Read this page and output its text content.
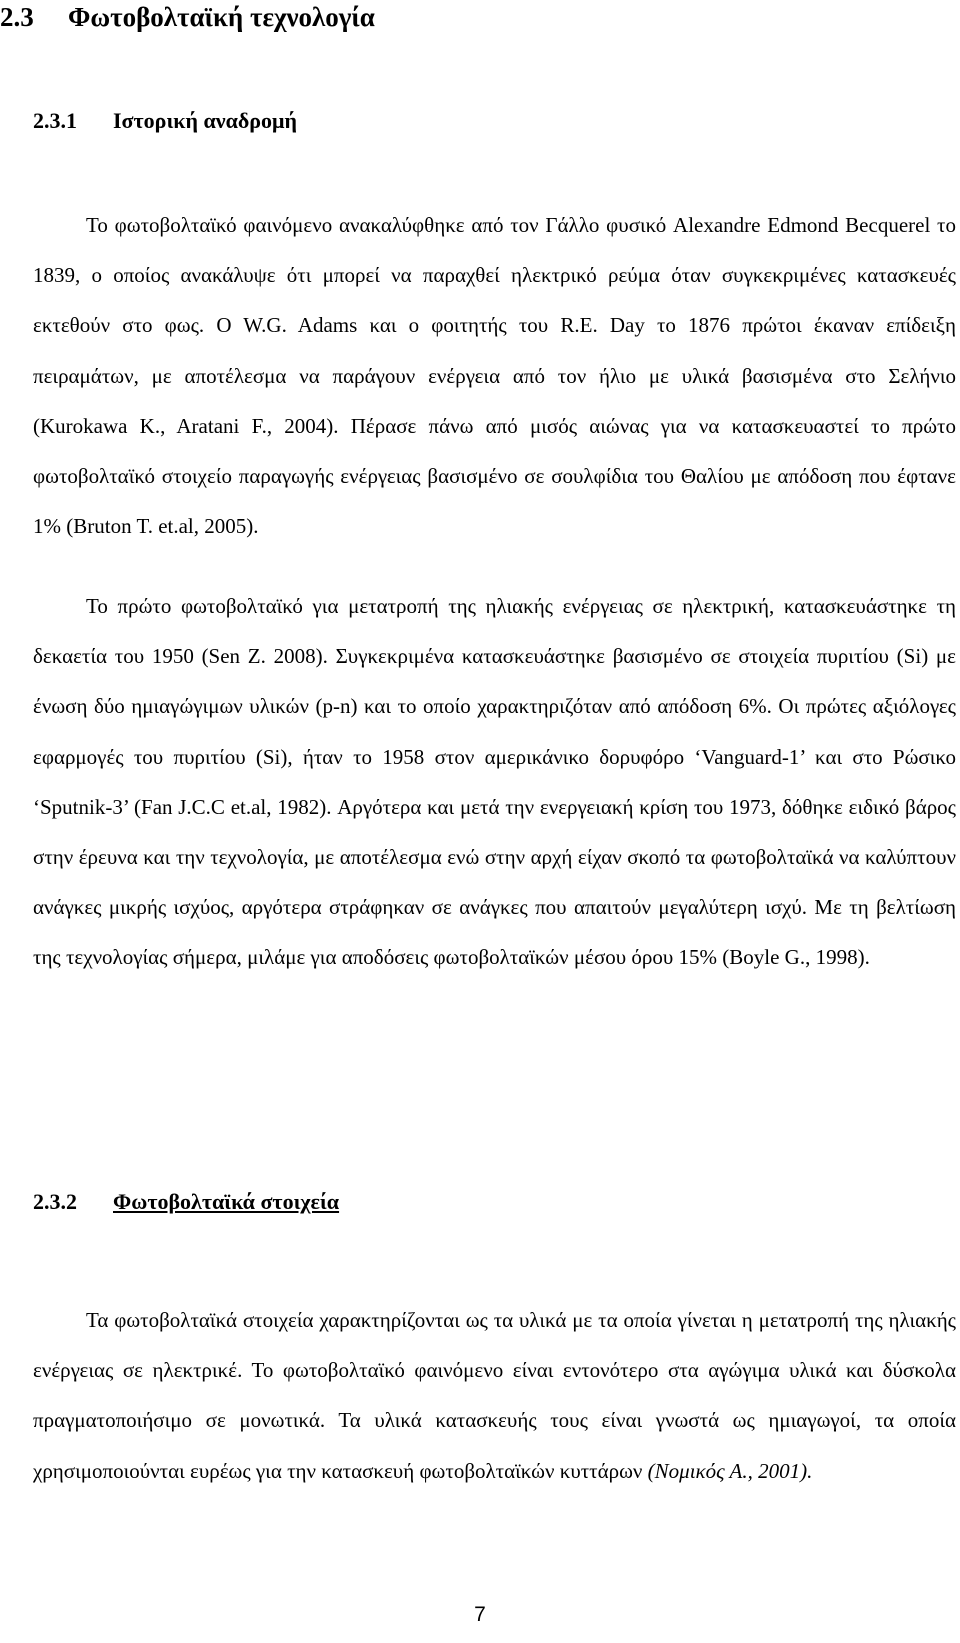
2.3 Φωτοβολταϊκή τεχνολογία
2.3.1 Ιστορική αναδρομή

Το φωτοβολταϊκό φαινόμενο ανακαλύφθηκε από τον Γάλλο φυσικό Alexandre Edmond Becquerel το 1839, ο οποίος ανακάλυψε ότι μπορεί να παραχθεί ηλεκτρικό ρεύμα όταν συγκεκριμένες κατασκευές εκτεθούν στο φως. O W.G. Adams και ο φοιτητής του R.E. Day το 1876 πρώτοι έκαναν επίδειξη πειραμάτων, με αποτέλεσμα να παράγουν ενέργεια από τον ήλιο με υλικά βασισμένα στο Σελήνιο (Kurokawa K., Aratani F., 2004). Πέρασε πάνω από μισός αιώνας για να κατασκευαστεί το πρώτο φωτοβολταϊκό στοιχείο παραγωγής ενέργειας βασισμένο σε σουλφίδια του Θαλίου με απόδοση που έφτανε 1% (Bruton T. et.al, 2005).

Το πρώτο φωτοβολταϊκό για μετατροπή της ηλιακής ενέργειας σε ηλεκτρική, κατασκευάστηκε τη δεκαετία του 1950 (Sen Z. 2008). Συγκεκριμένα κατασκευάστηκε βασισμένο σε στοιχεία πυριτίου (Si) με ένωση δύο ημιαγώγιμων υλικών (p-n) και το οποίο χαρακτηριζόταν από απόδοση 6%. Οι πρώτες αξιόλογες εφαρμογές του πυριτίου (Si), ήταν το 1958 στον αμερικάνικο δορυφόρο ‘Vanguard-1’ και στο Ρώσικο ‘Sputnik-3’ (Fan J.C.C et.al, 1982). Αργότερα και μετά την ενεργειακή κρίση του 1973, δόθηκε ειδικό βάρος στην έρευνα και την τεχνολογία, με αποτέλεσμα ενώ στην αρχή είχαν σκοπό τα φωτοβολταϊκά να καλύπτουν ανάγκες μικρής ισχύος, αργότερα στράφηκαν σε ανάγκες που απαιτούν μεγαλύτερη ισχύ. Με τη βελτίωση της τεχνολογίας σήμερα, μιλάμε για αποδόσεις φωτοβολταϊκών μέσου όρου 15% (Boyle G., 1998).

2.3.2 Φωτοβολταϊκά στοιχεία

Τα φωτοβολταϊκά στοιχεία χαρακτηρίζονται ως τα υλικά με τα οποία γίνεται η μετατροπή της ηλιακής ενέργειας σε ηλεκτρικέ. Το φωτοβολταϊκό φαινόμενο είναι εντονότερο στα αγώγιμα υλικά και δύσκολα πραγματοποιήσιμο σε μονωτικά. Τα υλικά κατασκευής τους είναι γνωστά ως ημιαγωγοί, τα οποία χρησιμοποιούνται ευρέως για την κατασκευή φωτοβολταϊκών κυττάρων (Νομικός Α., 2001).

7
